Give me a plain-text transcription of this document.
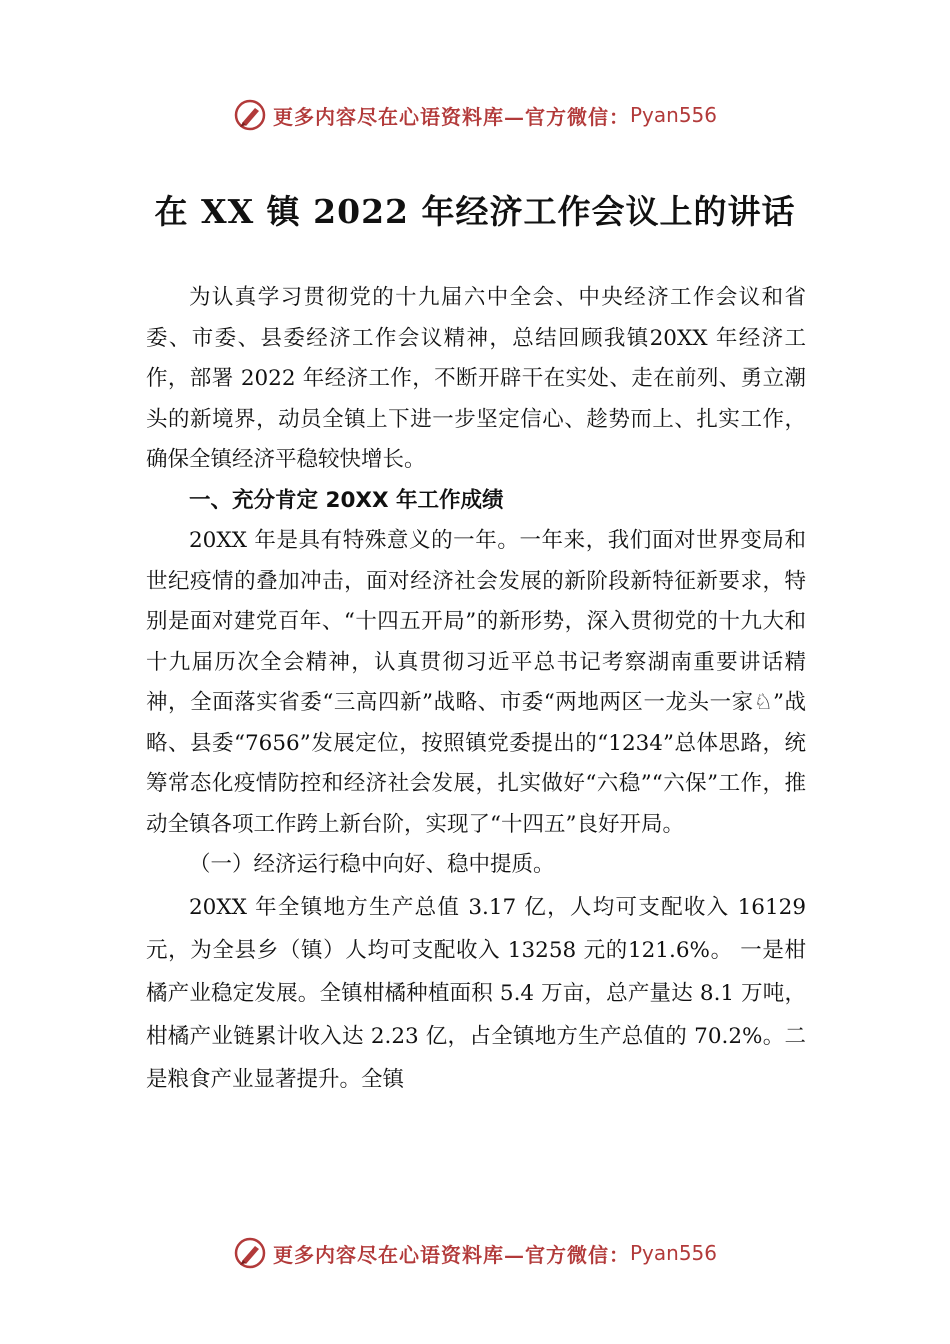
更多内容尽在心语资料库—官方微信： Pyan556
在 XX 镇 2022 年经济工作会议上的讲话

为认真学习贯彻党的十九届六中全会、中央经济工作会议和省委、市委、县委经济工作会议精神，总结回顾我镇20XX 年经济工作，部署 2022 年经济工作，不断开辟干在实处、走在前列、勇立潮头的新境界，动员全镇上下进一步坚定信心、趁势而上、扎实工作，确保全镇经济平稳较快增长。

一、充分肯定 20XX 年工作成绩

20XX 年是具有特殊意义的一年。一年来，我们面对世界变局和世纪疫情的叠加冲击，面对经济社会发展的新阶段新特征新要求，特别是面对建党百年、“十四五开局”的新形势，深入贯彻党的十九大和十九届历次全会精神，认真贯彻习近平总书记考察湖南重要讲话精神，全面落实省委“三高四新”战略、市委“两地两区一龙头一家♘”战略、县委“7656”发展定位，按照镇党委提出的“1234”总体思路，统筹常态化疫情防控和经济社会发展，扎实做好“六稳”“六保”工作，推动全镇各项工作跨上新台阶，实现了“十四五”良好开局。

（一）经济运行稳中向好、稳中提质。

20XX 年全镇地方生产总值 3.17 亿，人均可支配收入 16129 元，为全县乡（镇）人均可支配收入 13258 元的121.6%。 一是柑橘产业稳定发展。全镇柑橘种植面积 5.4 万亩，总产量达 8.1 万吨，柑橘产业链累计收入达 2.23 亿，占全镇地方生产总值的 70.2%。二是粮食产业显著提升。全镇

更多内容尽在心语资料库—官方微信： Pyan556
